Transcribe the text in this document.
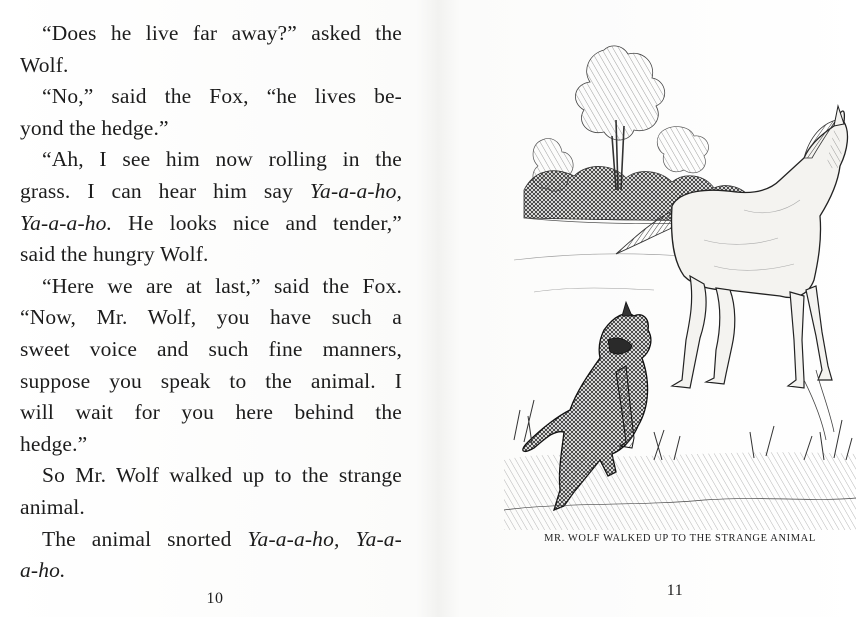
“Does he live far away?” asked the
Wolf.
“No,” said the Fox, “he lives be-
yond the hedge.”
“Ah, I see him now rolling in the
grass. I can hear him say Ya-a-a-ho,
Ya-a-a-ho. He looks nice and tender,”
said the hungry Wolf.
“Here we are at last,” said the Fox.
“Now, Mr. Wolf, you have such a
sweet voice and such fine manners,
suppose you speak to the animal. I
will wait for you here behind the
hedge.”
So Mr. Wolf walked up to the strange
animal.
The animal snorted Ya-a-a-ho, Ya-a-
a-ho.
10
MR. WOLF WALKED UP TO THE STRANGE ANIMAL
11
